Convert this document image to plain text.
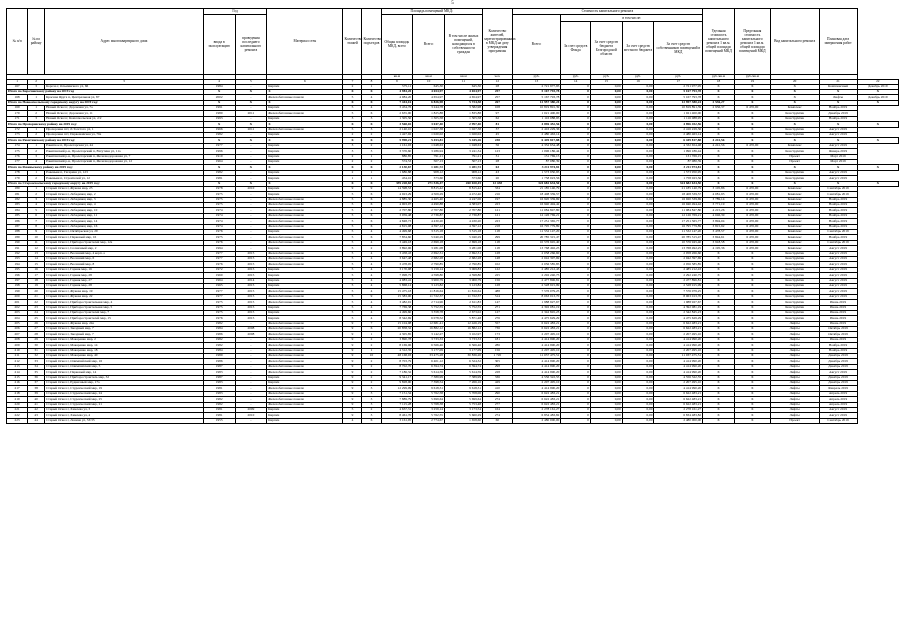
5
№ п/п	№ по району	Адрес многоквартирного дома	Год		Материал стен	Количество этажей	Количество подъездов	Площадь помещений МКД:			Количество жителей, зарегистрированных в МКД на дату утверждения программы	Стоимость капитального ремонта					Удельная стоимость капитального ремонта 1 кв.м. общей площади помещений МКД	Предельная стоимость капитального ремонта 1 кв.м. общей площади помещений МКД	Вид капитального ремонта	Плановая дата завершения работ	
			ввода в эксплуатацию	проведения последнего капитального ремонта				Общая площадь МКД, всего	Всего:	В том числе жилых помещений, находящихся в собственности граждан		Всего:	в том числе:								
													За счет средств Фонда	За счет средств бюджета Белгородской области	За счет средств местного бюджета	За счет средств собственников помещений в МКД					
								кв.м	кв.м	кв.м	чел.	руб.	руб.	руб.	руб.	руб.	руб./кв.м	руб./кв.м			
1	2	3	4	5	6	7	8	9	10	11	12	13	14	15	16	17	18	19	20	21	22
167	3	Короча г, Ольминского ул, 66	1984	-	Кирпич	2	1	575,11	645,30	645,30	28	2 721 977,95	0	0,00	0,00	2 721 977,95	X	X	X	Комплексный	Декабрь 2019
Итого по Корочанскому району на 2019 год			X	X	X	X	X	4 984,20	4 654,97	4 654,97	257	5 167 793,78	0	0,00	0,00	5 167 793,78	X	X	X	X	X
168	1	Красная Яруга п, Центральная ул, 87	2002	-	Железобетонные панели	5	4	4 984,20	4 654,97	4 654,97	257	5 167 793,78	0	0,00	0,00	5 167 793,78	X	X	X	Лифты	Декабрь 2019
Итого по Новооскольскому городскому округу на 2019 год:			X	X	X	X	X	7 444,16	6 826,98	5 724,38	267	12 957 380,24	0	0,00	0,00	12 957 380,24	2 536,27	X	X	X	X
169	1	Новый Оскол г, Дорожная ул, 7а	1991	-	Кирпич	5	4	3 454,76	3 244,78	3 582,98	108	10 819 891,39	0	0,00	0,00	10 819 891,39	2 936,37	6 470,00	Комплекс	Ноябрь 2019	
170	2	Новый Оскол г, Дорожная ул, 11	1980	2011	Железобетонные панели	5	6	2 635,90	1 825,88	1 835,88	97	1 021 400,00	0	0,00	0,00	1 021 400,00	X	X	Конструктив	Декабрь 2019	
171	3	Новый Оскол г, Комсомольская ул, 2/2	1993	-	Кирпич	3	3	1 305,50	1 305,58	1 305,58	62	1 116 088,95	0	0,00	0,00	1 116 088,95	X	X	Конструктив	Ноябрь 2019	
Итого по Прохоровскому району на 2019 год:			X	X	X	X	X	3 568,02	3 047,40	2 997,40	81	4 896 452,56	0	0,00	0,00	4 896 452,56	X	X	X	X	X
172	1	Прохоровка пгт, Л.Толстого ул, 1	1966	2011	Железобетонные панели	5	3	2 140,10	1 027,38	1 027,38	37	2 416 229,36	0	0,00	0,00	2 416 229,36	X	X	Конструктив	Август 2019	
173	2	Прохоровка пгт, Первомайская ул, 76а	1982	-	Кирпич	2	2	1 427,92	1 020,02	1 020,02	45	2 480 463,14	0	0,00	0,00	2 480 463,14	X	X	Конструктив	Август 2019	
Итого по Ракитянскому району на 2019 год:			X	X	X	X	X	5 998,21	5 453,81	5 445,26	238	6 449 817,88	0	0,00	0,00	6 449 817,88	4 241,56	X	X	X	X
174	1	Ракитное п, Пролетарская ул, 44	1977	-	Кирпич	3	2	1 161,03	1 048,63	1 048,63	56	4 332 654,48	0	0,00	0,00	4 332 654,48	4 241,56	6 470,00	Комплекс	Август 2019	
175	2	Ракитянский р-н, Пролетарский п, Ватутина ул, 11а	1996	-	Кирпич	3	3	3 376,60	3 286,94	3 241,34	123	1 096 186,44	0	0,00	0,00	1 096 186,44	X	X	Конструктив	Январь 2019	
176	3	Ракитянский р-н, Пролетарский п, Железнодорожная ул, 7	1910	-	Кирпич	2	1	886,85	791,21	791,21	31	131 769,15	0	0,00	0,00	131 769,15	X	X	Проект	Март 2019	
177	4	Ракитянский р-н, Пролетарский п, Железнодорожная ул, 12	1964	-	Кирпич	2	2	574,53	507,13	507,13	28	87 080,39	0	0,00	0,00	87 080,39	X	X	Проект	Март 2019	
Итого по Ровеньскому району на 2019 год:			X	X	X	X	X	2 130,67	1 281,72	1 281,72	63	3 211 974,81	0	0,00	0,00	3 211 974,81	X	X	X	X	X
178	1	Ровеньки п, Гагарина ул, 123	1982	-	Кирпич	2	1	1 686,88	908,12	908,12	43	1 573 950,95	0	0,00	0,00	1 573 950,95	X	X	Конструктив	Август 2019	
179	2	Ровеньки п, Строителей ул, 12	1981	-	Кирпич	1	1	454,10	373,60	373,60	20	1 758 023,56	0	0,00	0,00	1 758 023,56	X	X	Конструктив	Август 2019	
Итого по Старооскольскому городскому округу на 2019 год:			X	X	X	X	X	359 228,65	271 536,47	260 020,45	12 438	324 682 634,50	0	0,00	0,00	324 682 634,50	X	X	X	X	X
180	1	Старый Оскол г, Жукова мкр, 23	1978	2010	Кирпич	9	9	14 598,53	8 815,42	8 815,42	334	21 185 140,79	0	0,00	0,00	21 185 140,79	3 105,86	6 470,00	Комплекс	Сентябрь 2019	
181	2	Старый Оскол г, Лебединец мкр, 2	1975	-	Кирпич	5	6	4 923,29	4 509,29	4 472,40	216	18 408 339,57	0	0,00	0,00	18 408 339,57	4 081,93	6 470,00	Комплекс	Сентябрь 2019	
182	3	Старый Оскол г, Лебединец мкр, 3	1975	-	Железобетонные панели	5	6	4 885,30	4 465,40	4 247,06	197	16 920 339,69	0	0,00	0,00	16 920 339,69	3 789,14	6 470,00	Комплекс	Ноябрь 2019	
183	4	Старый Оскол г, Лебединец мкр, 4	1975	-	Железобетонные панели	5	6	4 903,07	4 490,88	4 383,07	223	16 940 494,42	0	0,00	0,00	16 940 494,42	3 771,19	6 470,00	Комплекс	Ноябрь 2019	
184	5	Старый Оскол г, Лебединец мкр, 10	1974	-	Железобетонные панели	5	4	2 707,80	2 707,80	2 707,80	121	11 084 847,80	0	0,00	0,00	11 084 847,80	4 215,26	6 470,00	Комплекс	Ноябрь 2019	
185	6	Старый Оскол г, Лебединец мкр, 11	1974	-	Железобетонные панели	5	6	3 059,48	2 736,87	2 736,87	121	12 126 769,21	0	0,00	0,00	12 126 769,21	4 046,39	6 470,00	Комплекс	Ноябрь 2019	
186	7	Старый Оскол г, Лебединец мкр, 14	1974	-	Железобетонные панели	5	6	4 848,73	4 430,20	4 430,20	223	17 251 365,77	0	0,00	0,00	17 251 365,77	3 894,04	6 470,00	Комплекс	Ноябрь 2019	
187	8	Старый Оскол г, Лебединец мкр, 16	1974	-	Железобетонные панели	5	6	4 815,08	4 397,12	4 397,12	218	16 795 779,89	0	0,00	0,00	16 795 779,89	3 815,92	6 470,00	Комплекс	Ноябрь 2019	
188	9	Старый Оскол г, Октябрьская ул, 29	1976	-	Кирпич	5	4	4 499,68	3 315,18	3 315,18	118	11 532 147,20	0	0,00	0,00	11 532 147,20	3 478,57	6 470,00	Комплекс	Сентябрь 2019	
189	10	Старый Оскол г, Парковый мкр, 16	1975	-	Железобетонные панели	5	6	7 854,60	5 040,29	5 040,29	299	20 785 315,47	0	0,00	0,00	20 785 315,47	3 844,61	6 470,00	Комплекс	Ноябрь 2019	
190	11	Старый Оскол г, Приборостроителей мкр, 12а	1976	-	Железобетонные панели	5	4	3 449,18	2 699,18	2 699,18	118	10 576 945,40	0	0,00	0,00	10 576 945,40	3 918,58	6 470,00	Комплекс	Сентябрь 2019	
191	12	Старый Оскол г, Солнечный мкр, 2	1994	-	Кирпич	5	2	3 892,96	3 281,08	3 281,08	118	13 768 492,25	0	0,00	0,00	13 768 492,25	4 195,36	6 470,00	Комплекс	Август 2019	
192	13	Старый Оскол г, Весенний мкр, 4 корп. а	1977	2015	Железобетонные панели	5	4	3 458,43	2 692,31	2 692,31	128	2 058 266,60	0	0,00	0,00	2 058 266,60	X	X	Конструктив	Август 2019	
193	14	Старый Оскол г, Весенний мкр, 6	1977	2015	Железобетонные панели	5	4	3 647,48	2 682,28	2 682,28	148	2 042 397,69	0	0,00	0,00	2 042 397,69	X	X	Конструктив	Август 2019	
194	15	Старый Оскол г, Весенний мкр, 8	1976	2015	Железобетонные панели	5	4	3 478,05	2 790,85	2 790,85	102	2 056 585,85	0	0,00	0,00	2 056 585,85	X	X	Конструктив	Август 2019	
195	16	Старый Оскол г, Горняк мкр, 16	1972	2015	Кирпич	5	4	3 170,08	3 159,14	3 069,83	122	2 485 212,43	0	0,00	0,00	2 485 212,43	X	X	Конструктив	Август 2019	
196	17	Старый Оскол г, Горняк мкр, 28	1960	2015	Кирпич	5	4	7 098,75	4 598,80	4 598,80	225	2 292 240,75	0	0,00	0,00	2 292 240,75	X	X	Конструктив	Август 2019	
197	18	Старый Оскол г, Горняк мкр, 27	1964	2014	Кирпич	5	4	4 983,41	3 900,79	3 900,79	156	2 477 896,81	0	0,00	0,00	2 477 896,81	X	X	Конструктив	Август 2019	
198	19	Старый Оскол г, Горняк мкр, 28	1965	2015	Кирпич	5	4	5 868,12	3 123,82	3 123,82	128	2 528 915,99	0	0,00	0,00	2 528 915,99	X	X	Конструктив	Август 2019	
199	20	Старый Оскол г, Жукова мкр, 19	1977	2015	Железобетонные панели	5	4	15 475,18	11 816,64	11 816,64	488	7 576 079,25	0	0,00	0,00	7 576 079,25	X	X	Конструктив	Август 2019	
200	21	Старый Оскол г, Жукова мкр, 22	1977	2015	Железобетонные панели	5	9	15 383,00	11 722,37	11 722,37	514	8 063 013,70	0	0,00	0,00	8 063 013,70	X	X	Конструктив	Август 2019	
201	22	Старый Оскол г, Приборостроительная мкр, 4	1975	2015	Железобетонные панели	5	4	3 482,91	2 714,96	2 611,83	147	1 988 927,67	0	0,00	0,00	1 988 927,67	X	X	Конструктив	Июнь 2019	
202	23	Старый Оскол г, Приборостроительная мкр, 5	1975	2015	Кирпич	5	4	7 769,38	5 752,55	5 752,55	271	4 392 081,19	0	0,00	0,00	4 392 081,19	X	X	Конструктив	Июнь 2019	
203	24	Старый Оскол г, Приборостроителей мкр, 7	1975	2015	Кирпич	5	4	4 499,60	3 358,78	2 673,02	127	2 342 845,23	0	0,00	0,00	2 342 845,23	X	X	Конструктив	Июнь 2019	
204	25	Старый Оскол г, Приборостроителей мкр, 15	1976	2015	Кирпич	5	4	8 342,69	6 078,52	5 871,48	276	4 475 629,29	0	0,00	0,00	4 475 629,29	X	X	Конструктив	Июнь 2019	
205	26	Старый Оскол г, Жукова мкр, 24а	1982	-	Железобетонные панели	9	7	15 104,98	12 681,41	12 426,19	557	6 622 483,21	0	0,00	0,00	6 622 483,21	X	X	Лифты	Июнь 2019	
206	27	Старый Оскол г, Звездный мкр, 7	1984	2008	Железобетонные панели	9	6	20 858,32	16 882,12	16 882,12	736	6 622 483,21	0	0,00	0,00	6 622 483,21	X	X	Лифты	Октябрь 2019	
207	28	Старый Оскол г, Звездный мкр, 7	1986	2008	Железобетонные панели	9	1	4 305,85	3 142,27	3 102,97	173	2 207 495,10	0	0,00	0,00	2 207 495,10	X	X	Лифты	Октябрь 2019	
208	29	Старый Оскол г, Макаренко мкр, 2	1982	-	Железобетонные панели	9	2	3 890,78	3 733,33	3 733,33	181	4 414 990,20	0	0,00	0,00	4 414 990,20	X	X	Лифты	Июнь 2019	
209	30	Старый Оскол г, Макаренко мкр, 14	1982	-	Железобетонные панели	9	2	8 169,06	6 566,46	6 566,46	286	4 414 990,20	0	0,00	0,00	4 414 990,20	X	X	Лифты	Ноябрь 2019	
210	31	Старый Оскол г, Макаренко мкр, 18	1984	-	Железобетонные панели	9	1	4 312,35	3 177,09	3 177,09	156	2 207 495,10	0	0,00	0,00	2 207 495,10	X	X	Лифты	Ноябрь 2019	
211	32	Старый Оскол г, Макаренко мкр, 40	1989	-	Железобетонные панели	9	10	48 168,03	33 475,28	30 836,20	1 720	11 037 475,51	0	0,00	0,00	11 037 475,51	X	X	Лифты	Декабрь 2019	
212	33	Старый Оскол г, Олимпийский мкр, 16	1986	-	Железобетонные панели	9	2	8 703,79	6 401,12	6 324,32	305	4 414 990,20	0	0,00	0,00	4 414 990,20	X	X	Лифты	Декабрь 2019	
213	34	Старый Оскол г, Олимпийский мкр, 5	1987	-	Железобетонные панели	9	2	8 702,70	6 394,74	6 394,74	298	4 414 990,20	0	0,00	0,00	4 414 990,20	X	X	Лифты	Декабрь 2019	
214	35	Старый Оскол г, Парковый мкр, 14	1983	-	Железобетонные панели	9	2	7 186,32	5 614,59	5 614,59	228	4 414 990,20	0	0,00	0,00	4 414 990,20	X	X	Лифты	Август 2019	
215	36	Старый Оскол г, Приборостроитель мкр, 32	1987	-	Кирпич	9	2	9 341,17	7 389,99	7 389,99	336	4 556 322,55	0	0,00	0,00	4 556 322,55	X	X	Лифты	Декабрь 2019	
216	37	Старый Оскол г, Рудничный мкр, 17а	1983	-	Кирпич	9	2	9 828,90	7 398,54	7 266,16	429	2 207 495,10	0	0,00	0,00	2 207 495,10	X	X	Лифты	Декабрь 2019	
217	38	Старый Оскол г, Студенческий мкр, 19	1981	-	Железобетонные панели	9	3	12 299,99	9 618,31	9 618,31	410	4 414 990,20	0	0,00	0,00	4 414 990,20	X	X	Лифты	Февраль 2019	
218	39	Старый Оскол г, Студенческий мкр, 24	1983	-	Железобетонные панели	9	3	7 151,34	5 762,58	5 708,06	290	6 622 483,21	0	0,00	0,00	6 622 483,21	X	X	Лифты	Апрель 2019	
219	40	Старый Оскол г, Студенческий мкр, 25	1982	-	Железобетонные панели	9	3	7 889,79	5 699,64	5 699,64	274	6 622 483,21	0	0,00	0,00	6 622 483,21	X	X	Лифты	Апрель 2019	
220	41	Старый Оскол г, Студенческий мкр, 21	1982	-	Железобетонные панели	9	3	7 115,28	5 768,38	5 753,48	277	6 622 483,21	0	0,00	0,00	6 622 483,21	X	X	Лифты	Апрель 2019	
221	42	Старый Оскол г, Хмелева ул, 3	1981	2009	Кирпич	5	2	4 637,31	3 259,14	3 173,54	164	2 278 161,27	0	0,00	0,00	2 278 161,27	X	X	Лифты	Август 2019	
222	43	Старый Оскол г, Хмелева ул, 4	1981	2010	Кирпич	9	3	8 461,70	5 762,55	5 660,29	274	6 834 483,82	0	0,00	0,00	6 834 483,82	X	X	Лифты	Август 2019	
223	44	Старый Оскол г, Ленина ул, 33/35	1955	-	Кирпич	4	6	3 161,95	2 774,67	1 658,60	60	2 480 000,00	0	0,00	0,00	2 480 000,00	X	X	Проект	Сентябрь 2019	
